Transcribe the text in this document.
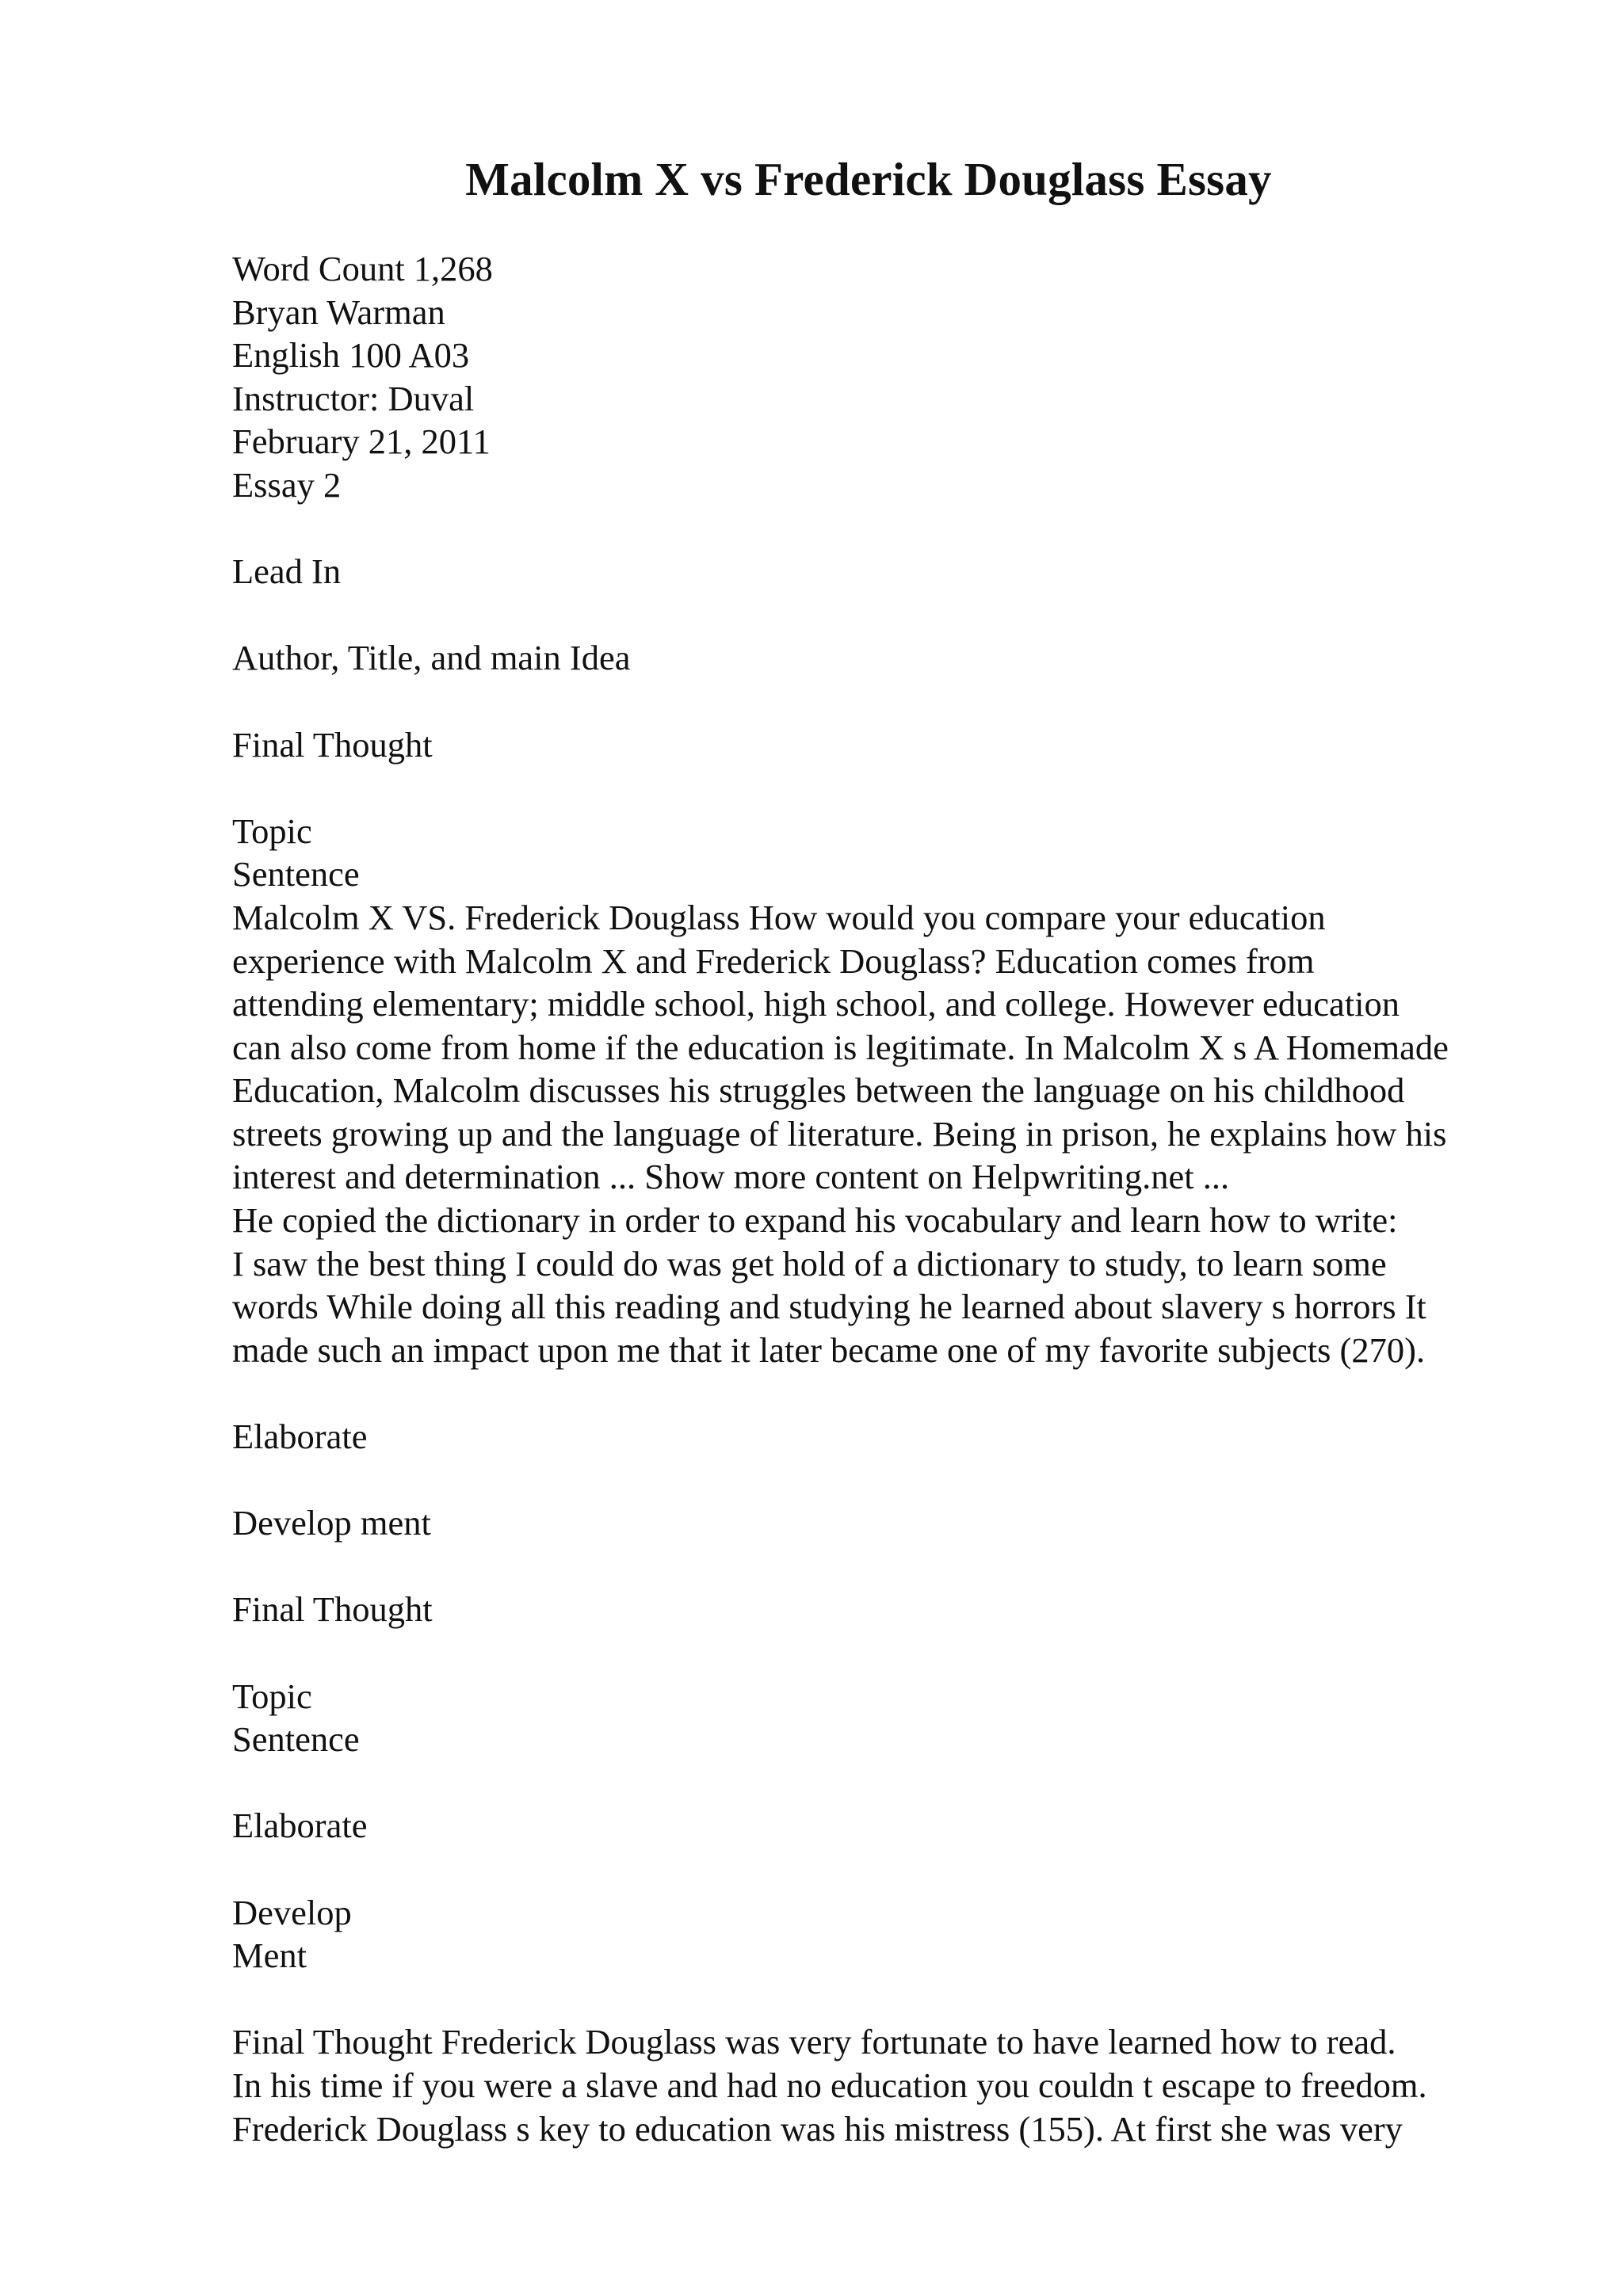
Malcolm X vs Frederick Douglass Essay
Word Count 1,268
Bryan Warman
English 100 A03
Instructor: Duval
February 21, 2011
Essay 2
Lead In
Author, Title, and main Idea
Final Thought
Topic
Sentence
Malcolm X VS. Frederick Douglass How would you compare your education
experience with Malcolm X and Frederick Douglass? Education comes from
attending elementary; middle school, high school, and college. However education
can also come from home if the education is legitimate. In Malcolm X s A Homemade
Education, Malcolm discusses his struggles between the language on his childhood
streets growing up and the language of literature. Being in prison, he explains how his
interest and determination ... Show more content on Helpwriting.net ...
He copied the dictionary in order to expand his vocabulary and learn how to write:
I saw the best thing I could do was get hold of a dictionary to study, to learn some
words While doing all this reading and studying he learned about slavery s horrors It
made such an impact upon me that it later became one of my favorite subjects (270).
Elaborate
Develop ment
Final Thought
Topic
Sentence
Elaborate
Develop
Ment
Final Thought Frederick Douglass was very fortunate to have learned how to read.
In his time if you were a slave and had no education you couldn t escape to freedom.
Frederick Douglass s key to education was his mistress (155). At first she was very
